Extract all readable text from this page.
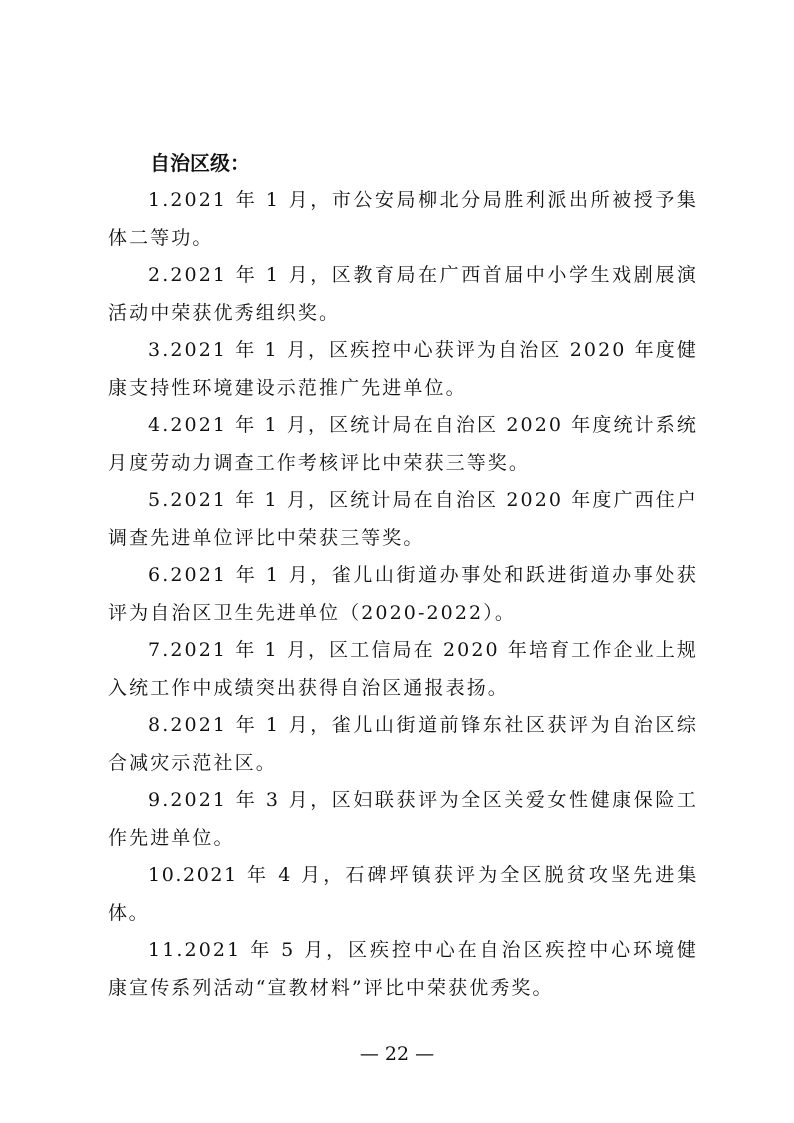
自治区级：

1.2021 年 1 月，市公安局柳北分局胜利派出所被授予集体二等功。

2.2021 年 1 月，区教育局在广西首届中小学生戏剧展演活动中荣获优秀组织奖。

3.2021 年 1 月，区疾控中心获评为自治区 2020 年度健康支持性环境建设示范推广先进单位。

4.2021 年 1 月，区统计局在自治区 2020 年度统计系统月度劳动力调查工作考核评比中荣获三等奖。

5.2021 年 1 月，区统计局在自治区 2020 年度广西住户调查先进单位评比中荣获三等奖。

6.2021 年 1 月，雀儿山街道办事处和跃进街道办事处获评为自治区卫生先进单位（2020-2022）。

7.2021 年 1 月，区工信局在 2020 年培育工作企业上规入统工作中成绩突出获得自治区通报表扬。

8.2021 年 1 月，雀儿山街道前锋东社区获评为自治区综合减灾示范社区。

9.2021 年 3 月，区妇联获评为全区关爱女性健康保险工作先进单位。

10.2021 年 4 月，石碑坪镇获评为全区脱贫攻坚先进集体。

11.2021 年 5 月，区疾控中心在自治区疾控中心环境健康宣传系列活动“宣教材料”评比中荣获优秀奖。

— 22 —
